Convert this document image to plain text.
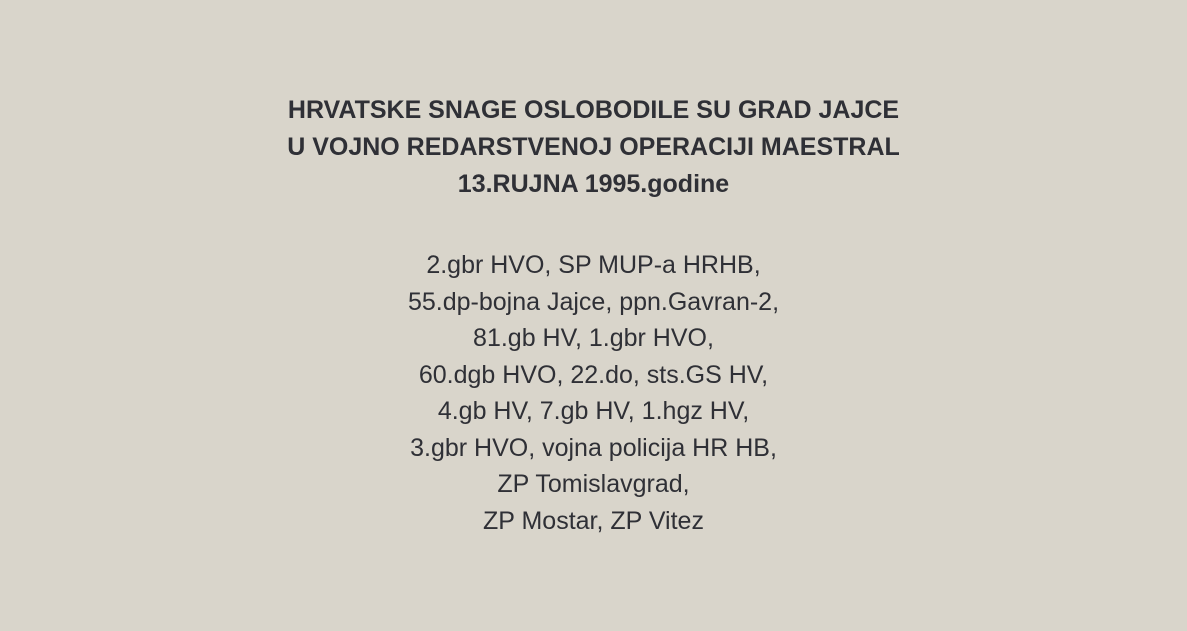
HRVATSKE SNAGE OSLOBODILE SU GRAD JAJCE
U VOJNO REDARSTVENOJ OPERACIJI MAESTRAL
13.RUJNA 1995.godine
2.gbr HVO, SP MUP-a HRHB,
55.dp-bojna Jajce, ppn.Gavran-2,
81.gb HV, 1.gbr HVO,
60.dgb HVO, 22.do, sts.GS HV,
4.gb HV, 7.gb HV, 1.hgz HV,
3.gbr HVO, vojna policija HR HB,
ZP Tomislavgrad,
ZP Mostar, ZP Vitez
